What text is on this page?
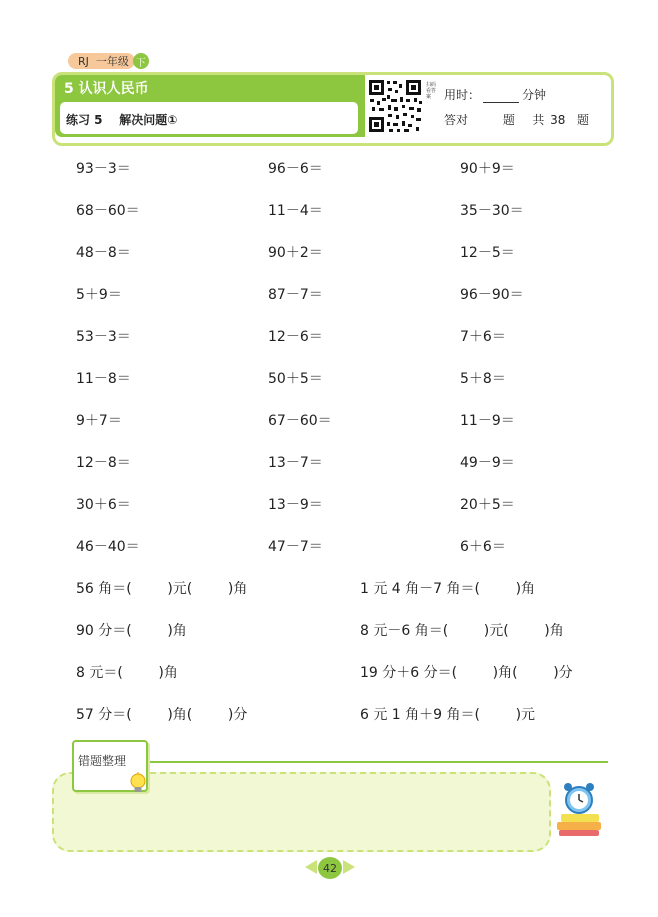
RJ
一年级 下
5 认识人民币
练习 5 解决问题①
扫码看答案	用时：	分钟
答对      题   共 38  题
93－3＝
68－60＝
48－8＝
5＋9＝
53－3＝
11－8＝
9＋7＝
12－8＝
30＋6＝
46－40＝
96－6＝
11－4＝
90＋2＝
87－7＝
12－6＝
50＋5＝
67－60＝
13－7＝
13－9＝
47－7＝
90＋9＝
35－30＝
12－5＝
96－90＝
7＋6＝
5＋8＝
11－9＝
49－9＝
20＋5＝
6＋6＝
56 角＝(        )元(        )角
90 分＝(        )角
8 元＝(        )角
57 分＝(        )角(        )分
1 元 4 角－7 角＝(        )角
8 元－6 角＝(        )元(        )角
19 分＋6 分＝(        )角(        )分
6 元 1 角＋9 角＝(        )元
错题整理
42
